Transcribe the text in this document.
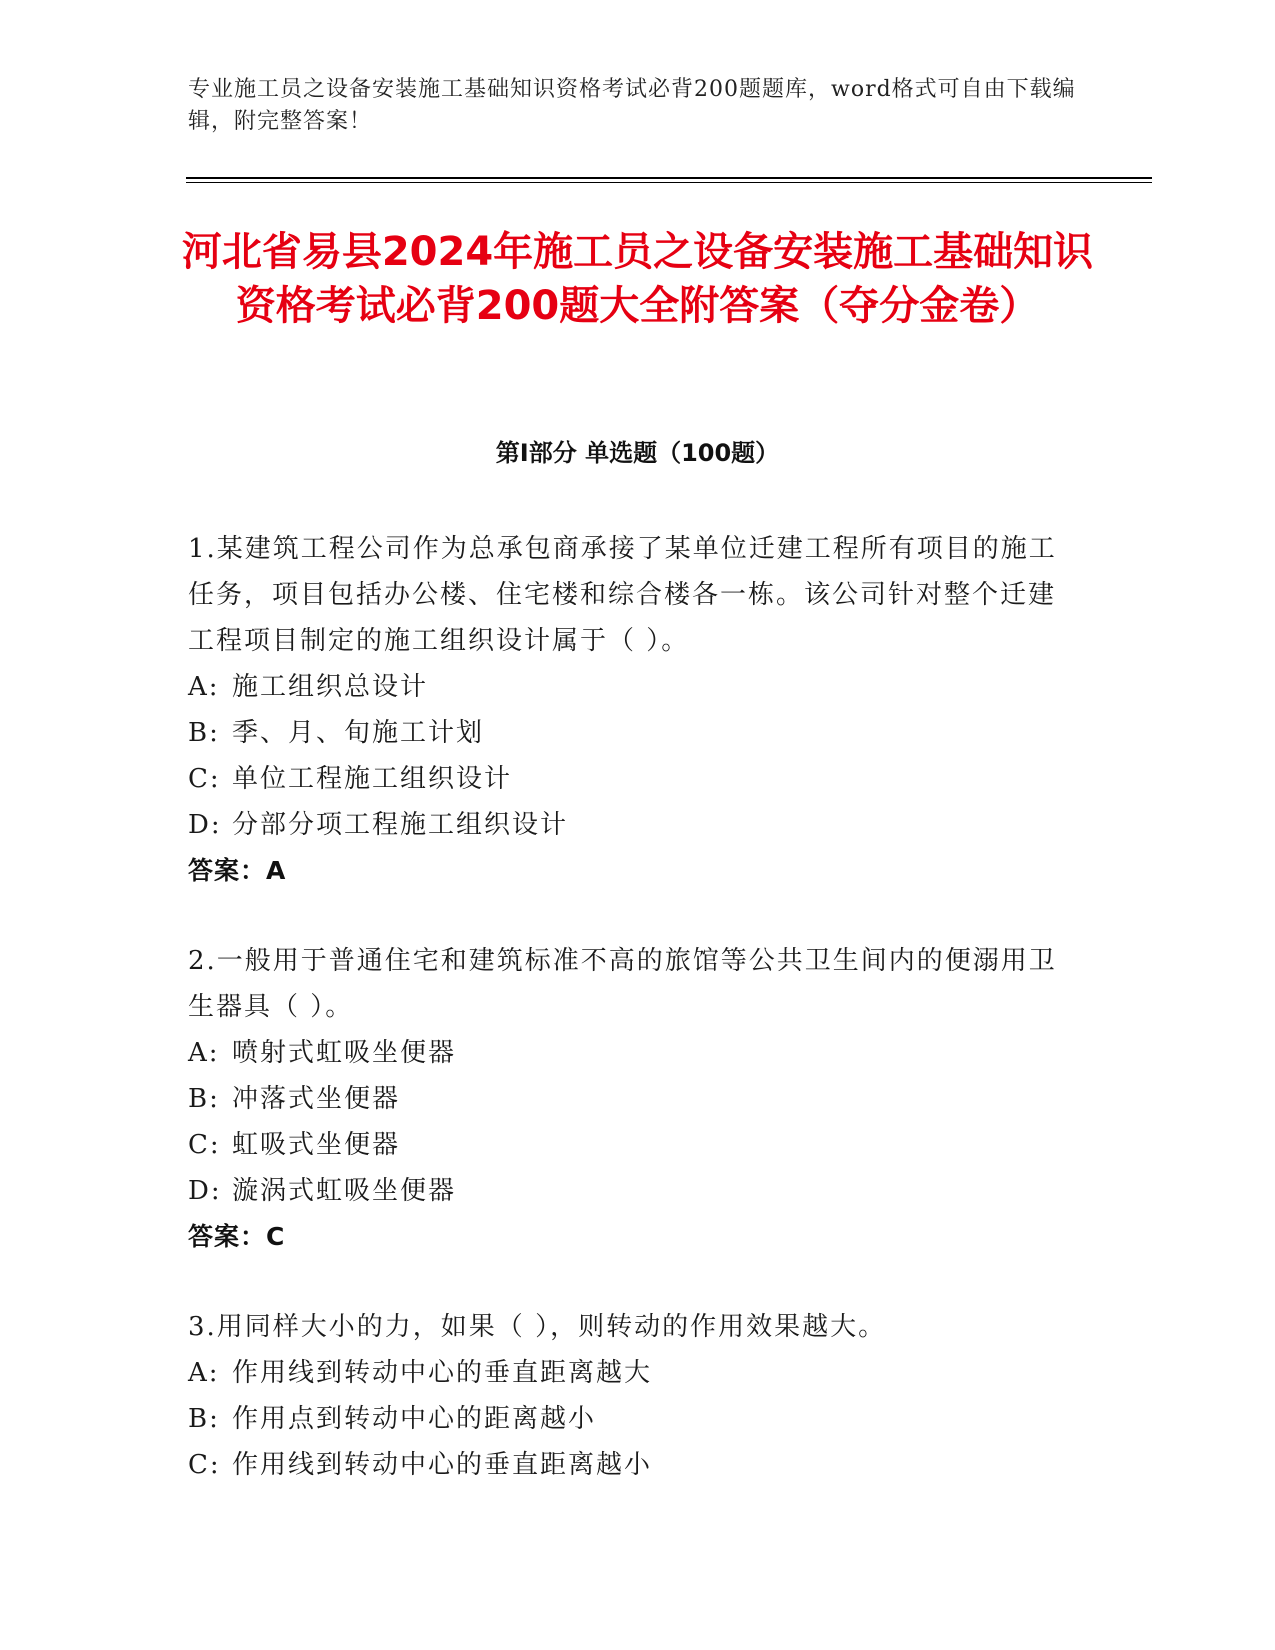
专业施工员之设备安装施工基础知识资格考试必背200题题库，word格式可自由下载编辑，附完整答案！
河北省易县2024年施工员之设备安装施工基础知识资格考试必背200题大全附答案（夺分金卷）
第Ⅰ部分 单选题（100题）
1.某建筑工程公司作为总承包商承接了某单位迁建工程所有项目的施工任务，项目包括办公楼、住宅楼和综合楼各一栋。该公司针对整个迁建工程项目制定的施工组织设计属于（ ）。
A: 施工组织总设计
B: 季、月、旬施工计划
C: 单位工程施工组织设计
D: 分部分项工程施工组织设计
答案：A
2.一般用于普通住宅和建筑标准不高的旅馆等公共卫生间内的便溺用卫生器具（ ）。
A: 喷射式虹吸坐便器
B: 冲落式坐便器
C: 虹吸式坐便器
D: 漩涡式虹吸坐便器
答案：C
3.用同样大小的力，如果（ ），则转动的作用效果越大。
A: 作用线到转动中心的垂直距离越大
B: 作用点到转动中心的距离越小
C: 作用线到转动中心的垂直距离越小
